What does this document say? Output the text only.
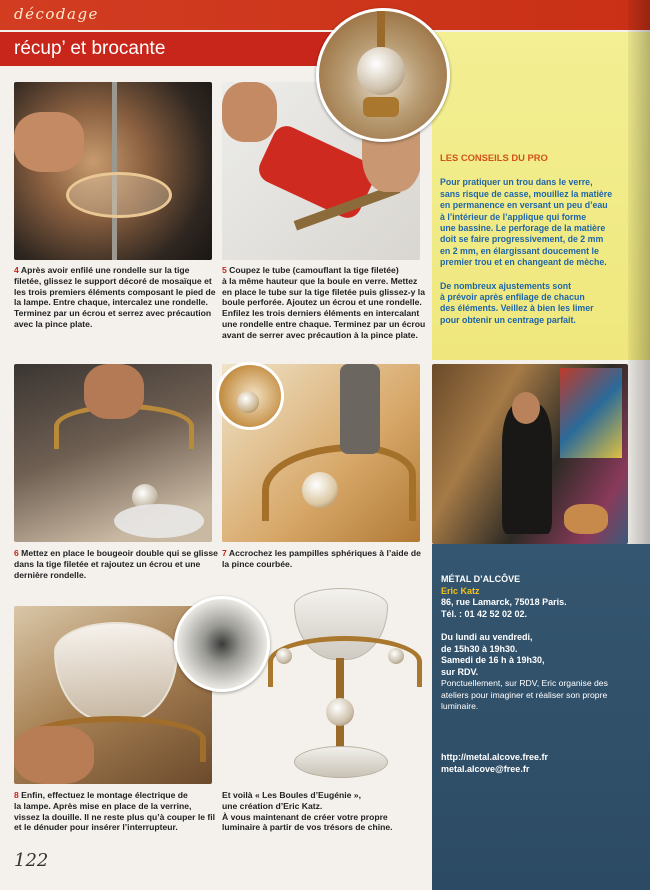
décodage
récup’ et brocante
4 Après avoir enfilé une rondelle sur la tige
filetée, glissez le support décoré de mosaïque et
les trois premiers éléments composant le pied de
la lampe. Entre chaque, intercalez une rondelle.
Terminez par un écrou et serrez avec précaution
avec la pince plate.
5 Coupez le tube (camouflant la tige filetée)
à la même hauteur que la boule en verre. Mettez
en place le tube sur la tige filetée puis glissez-y la
boule perforée. Ajoutez un écrou et une rondelle.
Enfilez les trois derniers éléments en intercalant
une rondelle entre chaque. Terminez par un écrou
avant de serrer avec précaution à la pince plate.
LES CONSEILS DU PRO
Pour pratiquer un trou dans le verre,
sans risque de casse, mouillez la matière
en permanence en versant un peu d’eau
à l’intérieur de l’applique qui forme
une bassine. Le perforage de la matière
doit se faire progressivement, de 2 mm
en 2 mm, en élargissant doucement le
premier trou et en changeant de mèche.
De nombreux ajustements sont
à prévoir après enfilage de chacun
des éléments. Veillez à bien les limer
pour obtenir un centrage parfait.
6 Mettez en place le bougeoir double qui se glisse
dans la tige filetée et rajoutez un écrou et une
dernière rondelle.
7 Accrochez les pampilles sphériques à l’aide de
la pince courbée.
MÉTAL D’ALCÔVE
Eric Katz
86, rue Lamarck, 75018 Paris.
Tél. : 01 42 52 02 02.
Du lundi au vendredi,
de 15h30 à 19h30.
Samedi de 16 h à 19h30,
sur RDV.
Ponctuellement, sur RDV, Eric organise des
ateliers pour imaginer et réaliser son propre
luminaire.
http://metal.alcove.free.fr
metal.alcove@free.fr
8 Enfin, effectuez le montage électrique de
la lampe. Après mise en place de la verrine,
vissez la douille. Il ne reste plus qu’à couper le fil
et le dénuder pour insérer l’interrupteur.
Et voilà « Les Boules d’Eugénie »,
une création d’Eric Katz.
À vous maintenant de créer votre propre
luminaire à partir de vos trésors de chine.
122
